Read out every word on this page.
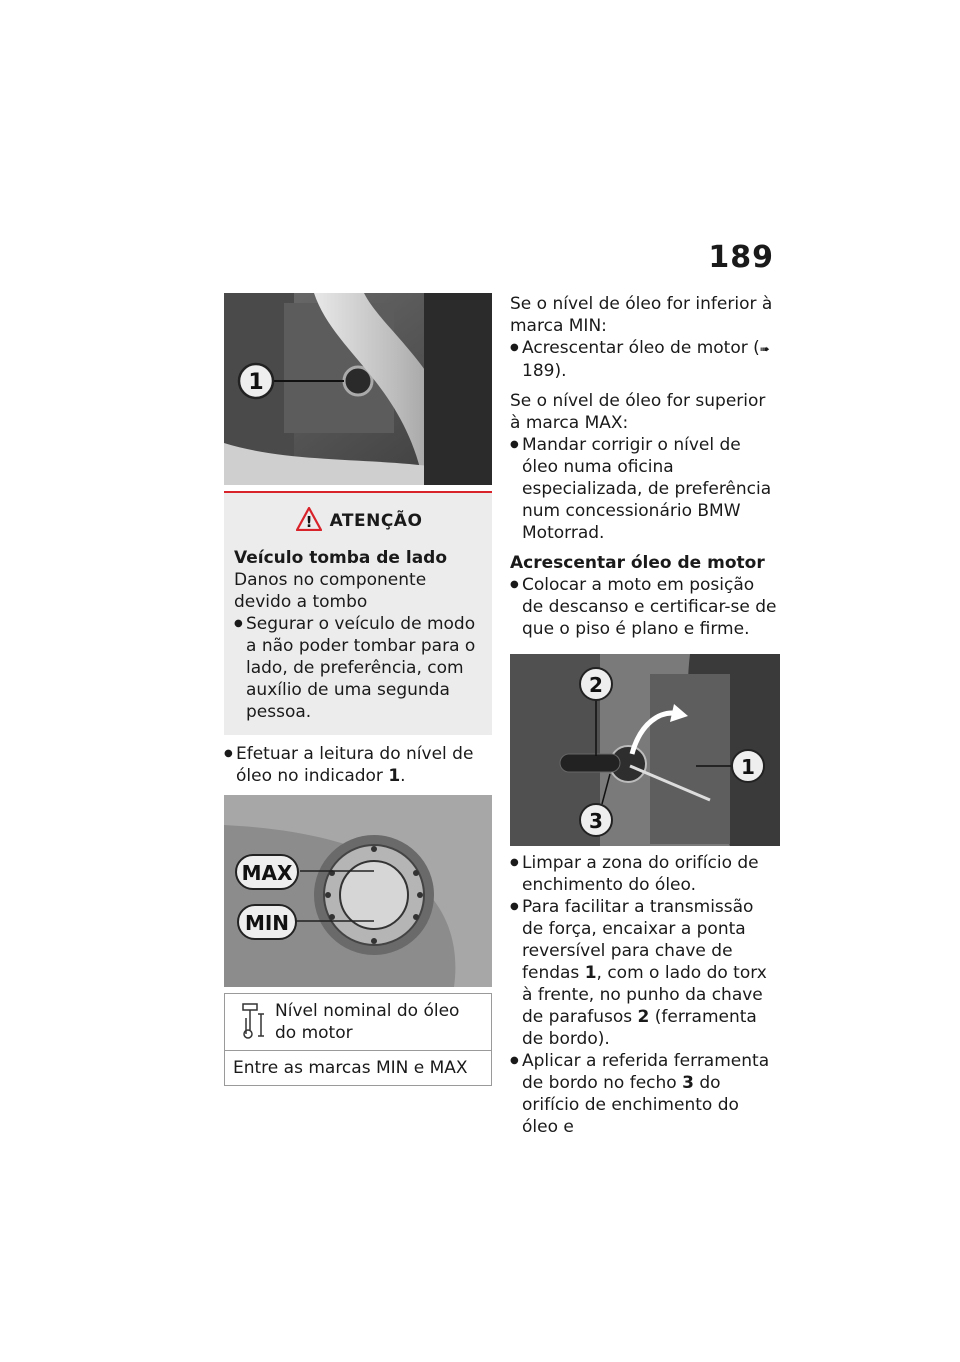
189
1
! ATENÇÃO
Veículo tomba de lado
Danos no componente devido a tombo
● Segurar o veículo de modo a não poder tombar para o lado, de preferência, com auxílio de uma segunda pessoa.
● Efetuar a leitura do nível de óleo no indicador 1.
MAX
MIN
Nível nominal do óleo do motor
Entre as marcas MIN e MAX
Se o nível de óleo for inferior à marca MIN:
● Acrescentar óleo de motor (➠ 189).
Se o nível de óleo for superior à marca MAX:
● Mandar corrigir o nível de óleo numa oficina especializada, de preferência num concessionário BMW Motorrad.
Acrescentar óleo de motor
● Colocar a moto em posição de descanso e certificar-se de que o piso é plano e firme.
2
1
3
● Limpar a zona do orifício de enchimento do óleo.
● Para facilitar a transmissão de força, encaixar a ponta reversível para chave de fendas 1, com o lado do torx à frente, no punho da chave de parafusos 2 (ferramenta de bordo).
● Aplicar a referida ferramenta de bordo no fecho 3 do orifício de enchimento do óleo e
